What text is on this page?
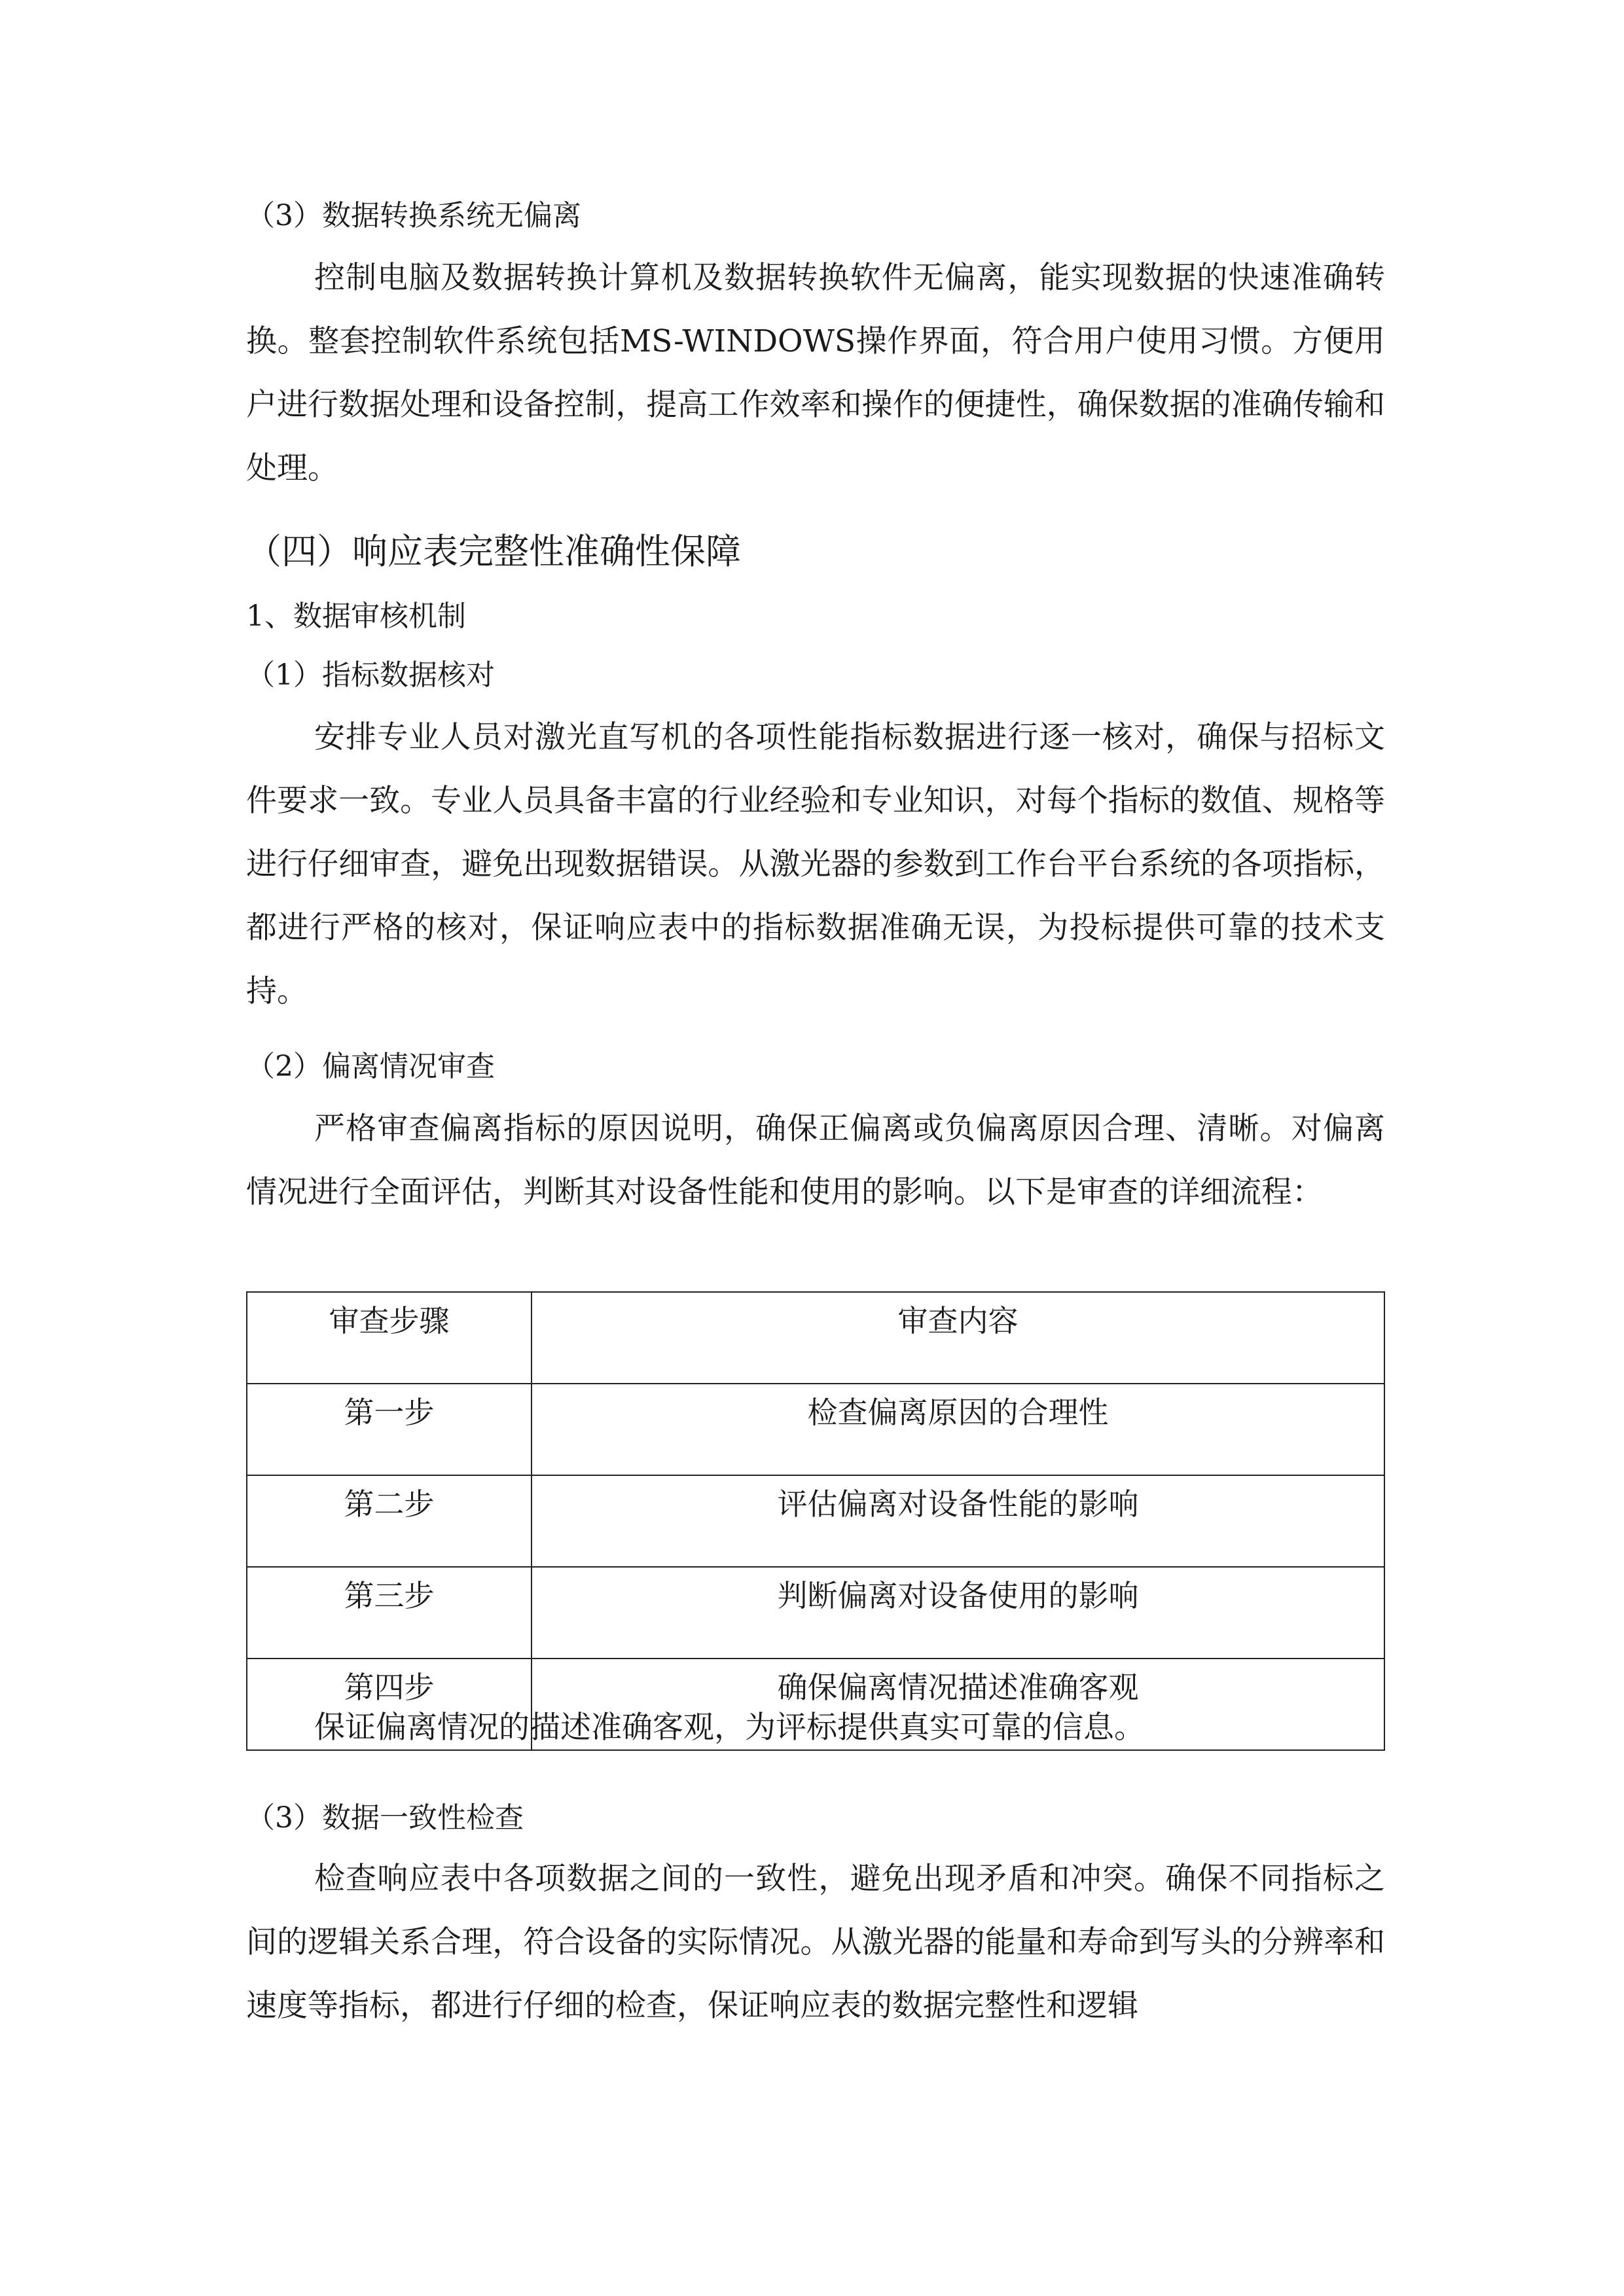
（3）数据转换系统无偏离

控制电脑及数据转换计算机及数据转换软件无偏离，能实现数据的快速准确转换。整套控制软件系统包括MS-WINDOWS操作界面，符合用户使用习惯。方便用户进行数据处理和设备控制，提高工作效率和操作的便捷性，确保数据的准确传输和处理。

（四）响应表完整性准确性保障
1、数据审核机制
（1）指标数据核对

安排专业人员对激光直写机的各项性能指标数据进行逐一核对，确保与招标文件要求一致。专业人员具备丰富的行业经验和专业知识，对每个指标的数值、规格等进行仔细审查，避免出现数据错误。从激光器的参数到工作台平台系统的各项指标，都进行严格的核对，保证响应表中的指标数据准确无误，为投标提供可靠的技术支持。

（2）偏离情况审查

严格审查偏离指标的原因说明，确保正偏离或负偏离原因合理、清晰。对偏离情况进行全面评估，判断其对设备性能和使用的影响。以下是审查的详细流程：

审查步骤	审查内容
第一步	检查偏离原因的合理性
第二步	评估偏离对设备性能的影响
第三步	判断偏离对设备使用的影响
第四步	确保偏离情况描述准确客观
保证偏离情况的描述准确客观，为评标提供真实可靠的信息。
（3）数据一致性检查

检查响应表中各项数据之间的一致性，避免出现矛盾和冲突。确保不同指标之间的逻辑关系合理，符合设备的实际情况。从激光器的能量和寿命到写头的分辨率和速度等指标，都进行仔细的检查，保证响应表的数据完整性和逻辑
